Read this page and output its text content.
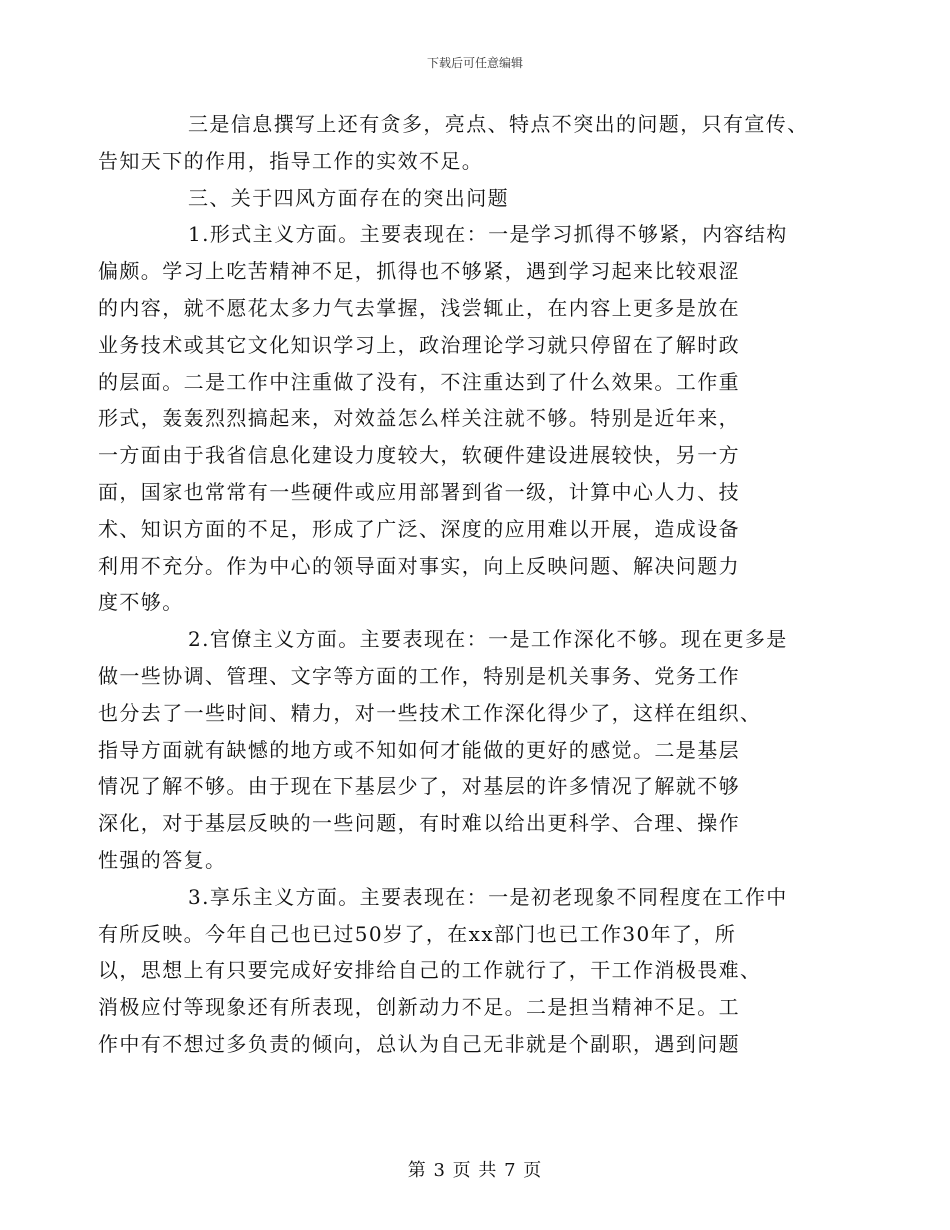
下载后可任意编辑

三是信息撰写上还有贪多，亮点、特点不突出的问题，只有宣传、
告知天下的作用，指导工作的实效不足。

三、关于四风方面存在的突出问题

1.形式主义方面。主要表现在：一是学习抓得不够紧，内容结构
偏颇。学习上吃苦精神不足，抓得也不够紧，遇到学习起来比较艰涩
的内容，就不愿花太多力气去掌握，浅尝辄止，在内容上更多是放在
业务技术或其它文化知识学习上，政治理论学习就只停留在了解时政
的层面。二是工作中注重做了没有，不注重达到了什么效果。工作重
形式，轰轰烈烈搞起来，对效益怎么样关注就不够。特别是近年来，
一方面由于我省信息化建设力度较大，软硬件建设进展较快，另一方
面，国家也常常有一些硬件或应用部署到省一级，计算中心人力、技
术、知识方面的不足，形成了广泛、深度的应用难以开展，造成设备
利用不充分。作为中心的领导面对事实，向上反映问题、解决问题力
度不够。

2.官僚主义方面。主要表现在：一是工作深化不够。现在更多是
做一些协调、管理、文字等方面的工作，特别是机关事务、党务工作
也分去了一些时间、精力，对一些技术工作深化得少了，这样在组织、
指导方面就有缺憾的地方或不知如何才能做的更好的感觉。二是基层
情况了解不够。由于现在下基层少了，对基层的许多情况了解就不够
深化，对于基层反映的一些问题，有时难以给出更科学、合理、操作
性强的答复。

3.享乐主义方面。主要表现在：一是初老现象不同程度在工作中
有所反映。今年自己也已过50岁了，在xx部门也已工作30年了，所
以，思想上有只要完成好安排给自己的工作就行了，干工作消极畏难、
消极应付等现象还有所表现，创新动力不足。二是担当精神不足。工
作中有不想过多负责的倾向，总认为自己无非就是个副职，遇到问题

第 3 页 共 7 页
